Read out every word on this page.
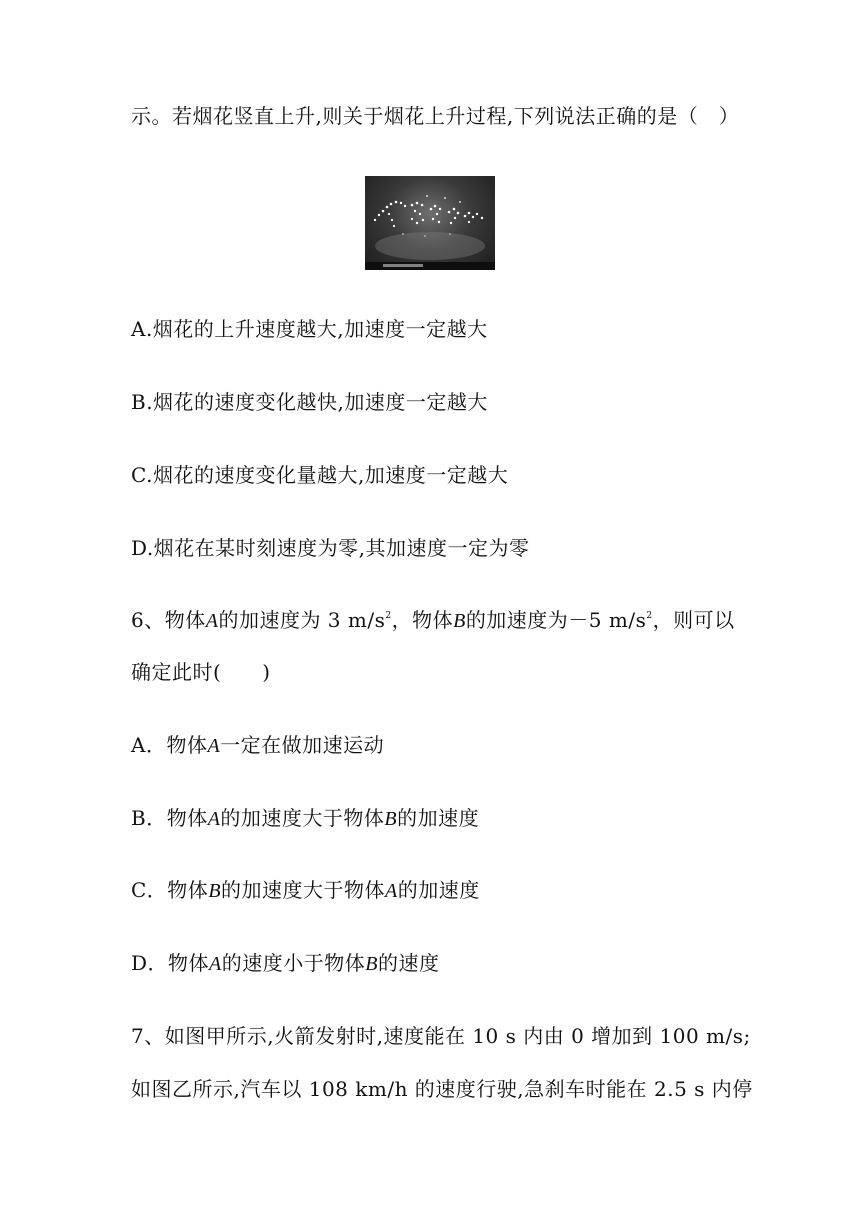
示。若烟花竖直上升,则关于烟花上升过程,下列说法正确的是（　）
A.烟花的上升速度越大,加速度一定越大
B.烟花的速度变化越快,加速度一定越大
C.烟花的速度变化量越大,加速度一定越大
D.烟花在某时刻速度为零,其加速度一定为零
6、物体A的加速度为 3 $m/s^2$，物体B的加速度为－5 $m/s^2$，则可以
确定此时(　　)
A．物体A一定在做加速运动
B．物体A的加速度大于物体B的加速度
C．物体B的加速度大于物体A的加速度
D．物体A的速度小于物体B的速度
7、如图甲所示,火箭发射时,速度能在 10 s 内由 0 增加到 100 m/s;
如图乙所示,汽车以 108 km/h 的速度行驶,急刹车时能在 2.5 s 内停
